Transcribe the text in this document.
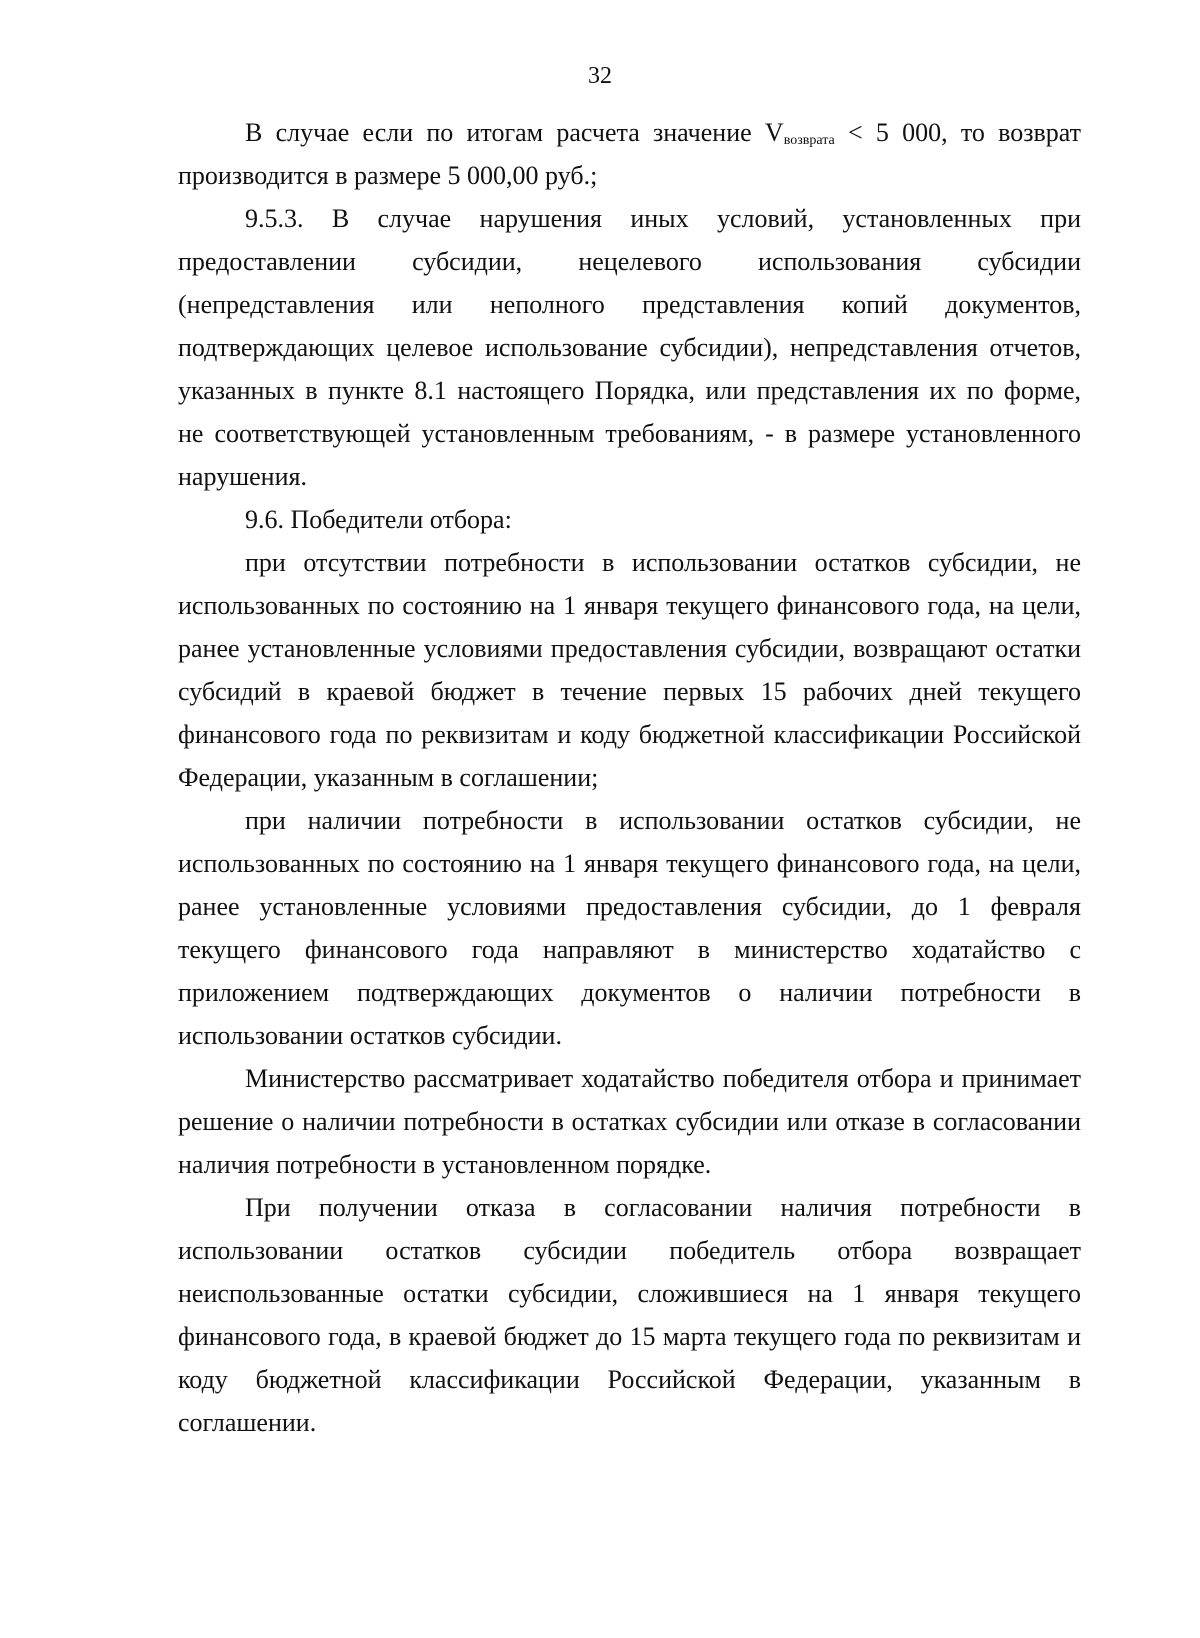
32
В случае если по итогам расчета значение $V_{возврата} < 5$ 000, то возврат
производится в размере 5 000,00 руб.;
9.5.3. В случае нарушения иных условий, установленных при
предоставлении субсидии, нецелевого использования субсидии
(непредставления или неполного представления копий документов,
подтверждающих целевое использование субсидии), непредставления отчетов,
указанных в пункте 8.1 настоящего Порядка, или представления их по форме,
не соответствующей установленным требованиям, - в размере установленного
нарушения.
9.6. Победители отбора:
при отсутствии потребности в использовании остатков субсидии, не
использованных по состоянию на 1 января текущего финансового года, на цели,
ранее установленные условиями предоставления субсидии, возвращают остатки
субсидий в краевой бюджет в течение первых 15 рабочих дней текущего
финансового года по реквизитам и коду бюджетной классификации Российской
Федерации, указанным в соглашении;
при наличии потребности в использовании остатков субсидии, не
использованных по состоянию на 1 января текущего финансового года, на цели,
ранее установленные условиями предоставления субсидии, до 1 февраля
текущего финансового года направляют в министерство ходатайство с
приложением подтверждающих документов о наличии потребности в
использовании остатков субсидии.
Министерство рассматривает ходатайство победителя отбора и принимает
решение о наличии потребности в остатках субсидии или отказе в согласовании
наличия потребности в установленном порядке.
При получении отказа в согласовании наличия потребности в
использовании остатков субсидии победитель отбора возвращает
неиспользованные остатки субсидии, сложившиеся на 1 января текущего
финансового года, в краевой бюджет до 15 марта текущего года по реквизитам и
коду бюджетной классификации Российской Федерации, указанным в
соглашении.
